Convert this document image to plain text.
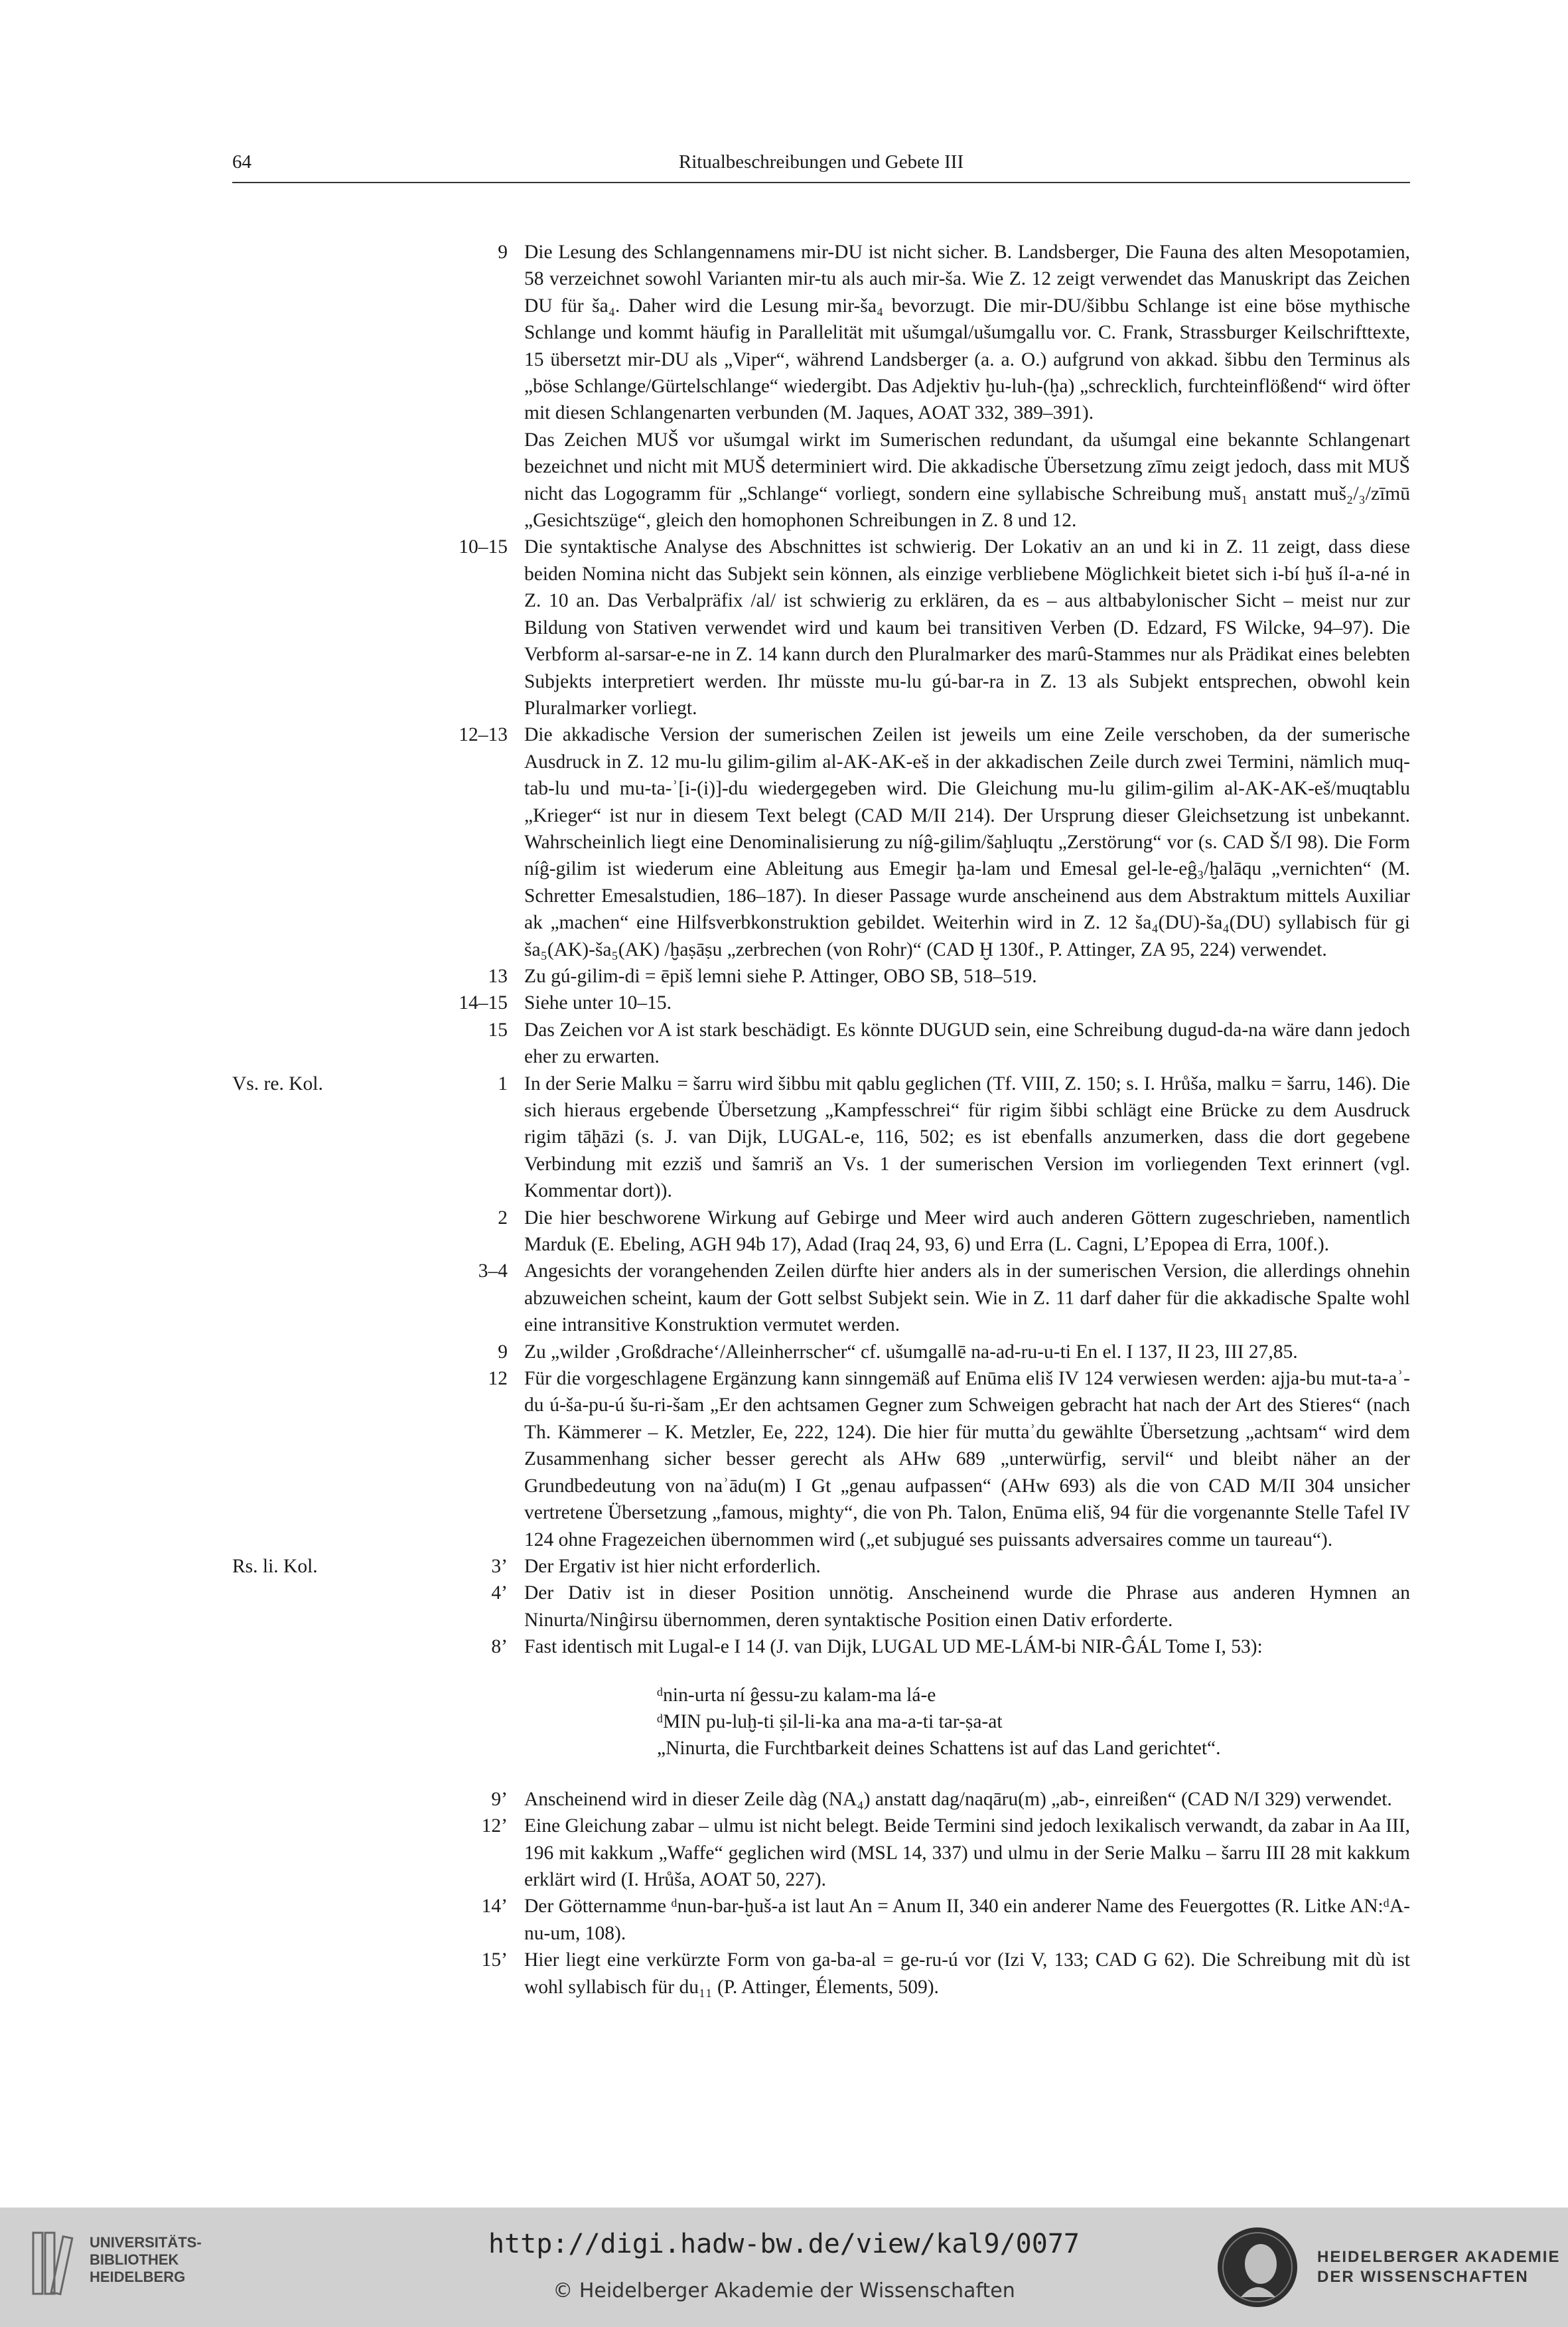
64	Ritualbeschreibungen und Gebete III
9 Die Lesung des Schlangennamens mir-DU ist nicht sicher. B. Landsberger, Die Fauna des alten Mesopotamien, 58 verzeichnet sowohl Varianten mir-tu als auch mir-ša. Wie Z. 12 zeigt verwendet das Manuskript das Zeichen DU für ša₄. Daher wird die Lesung mir-ša₄ bevorzugt. Die mir-DU/šibbu Schlange ist eine böse mythische Schlange und kommt häufig in Parallelität mit ušumgal/ušumgallu vor. C. Frank, Strassburger Keilschrifttexte, 15 übersetzt mir-DU als „Viper“, während Landsberger (a. a. O.) aufgrund von akkad. šibbu den Terminus als „böse Schlange/Gürtelschlange“ wiedergibt. Das Adjektiv ḫu-luh-(ḫa) „schrecklich, furchteinflößend“ wird öfter mit diesen Schlangenarten verbunden (M. Jaques, AOAT 332, 389–391).
Das Zeichen MUŠ vor ušumgal wirkt im Sumerischen redundant, da ušumgal eine bekannte Schlangenart bezeichnet und nicht mit MUŠ determiniert wird. Die akkadische Übersetzung zīmu zeigt jedoch, dass mit MUŠ nicht das Logogramm für „Schlange“ vorliegt, sondern eine syllabische Schreibung muš₁ anstatt muš₂/₃/zīmū „Gesichtszüge“, gleich den homophonen Schreibungen in Z. 8 und 12.
10–15 Die syntaktische Analyse des Abschnittes ist schwierig. Der Lokativ an an und ki in Z. 11 zeigt, dass diese beiden Nomina nicht das Subjekt sein können, als einzige verbliebene Möglichkeit bietet sich i-bí ḫuš íl-a-né in Z. 10 an. Das Verbalpräfix /al/ ist schwierig zu erklären, da es – aus altbabylonischer Sicht – meist nur zur Bildung von Stativen verwendet wird und kaum bei transitiven Verben (D. Edzard, FS Wilcke, 94–97). Die Verbform al-sarsar-e-ne in Z. 14 kann durch den Pluralmarker des marû-Stammes nur als Prädikat eines belebten Subjekts interpretiert werden. Ihr müsste mu-lu gú-bar-ra in Z. 13 als Subjekt entsprechen, obwohl kein Pluralmarker vorliegt.
12–13 Die akkadische Version der sumerischen Zeilen ist jeweils um eine Zeile verschoben, da der sumerische Ausdruck in Z. 12 mu-lu gilim-gilim al-AK-AK-eš in der akkadischen Zeile durch zwei Termini, nämlich muq-tab-lu und mu-ta-ʾ[i-(i)]-du wiedergegeben wird. Die Gleichung mu-lu gilim-gilim al-AK-AK-eš/muqtablu „Krieger“ ist nur in diesem Text belegt (CAD M/II 214). Der Ursprung dieser Gleichsetzung ist unbekannt. Wahrscheinlich liegt eine Denominalisierung zu níĝ-gilim/šaḫluqtu „Zerstörung“ vor (s. CAD Š/I 98). Die Form níĝ-gilim ist wiederum eine Ableitung aus Emegir ḫa-lam und Emesal gel-le-eĝ₃/ḫalāqu „vernichten“ (M. Schretter Emesalstudien, 186–187). In dieser Passage wurde anscheinend aus dem Abstraktum mittels Auxiliar ak „machen“ eine Hilfsverbkonstruktion gebildet. Weiterhin wird in Z. 12 ša₄(DU)-ša₄(DU) syllabisch für gi ša₅(AK)-ša₅(AK) /ḫaṣāṣu „zerbrechen (von Rohr)“ (CAD Ḫ 130f., P. Attinger, ZA 95, 224) verwendet.
13 Zu gú-gilim-di = ēpiš lemni siehe P. Attinger, OBO SB, 518–519.
14–15 Siehe unter 10–15.
15 Das Zeichen vor A ist stark beschädigt. Es könnte DUGUD sein, eine Schreibung dugud-da-na wäre dann jedoch eher zu erwarten.
Vs. re. Kol.	1 In der Serie Malku = šarru wird šibbu mit qablu geglichen (Tf. VIII, Z. 150; s. I. Hrůša, malku = šarru, 146). Die sich hieraus ergebende Übersetzung „Kampfesschrei“ für rigim šibbi schlägt eine Brücke zu dem Ausdruck rigim tāḫāzi (s. J. van Dijk, LUGAL-e, 116, 502; es ist ebenfalls anzumerken, dass die dort gegebene Verbindung mit ezziš und šamriš an Vs. 1 der sumerischen Version im vorliegenden Text erinnert (vgl. Kommentar dort)).
2 Die hier beschworene Wirkung auf Gebirge und Meer wird auch anderen Göttern zugeschrieben, namentlich Marduk (E. Ebeling, AGH 94b 17), Adad (Iraq 24, 93, 6) und Erra (L. Cagni, L’Epopea di Erra, 100f.).
3–4 Angesichts der vorangehenden Zeilen dürfte hier anders als in der sumerischen Version, die allerdings ohnehin abzuweichen scheint, kaum der Gott selbst Subjekt sein. Wie in Z. 11 darf daher für die akkadische Spalte wohl eine intransitive Konstruktion vermutet werden.
9 Zu „wilder ‚Großdrache‘/Alleinherrscher“ cf. ušumgallē na-ad-ru-u-ti En el. I 137, II 23, III 27,85.
12 Für die vorgeschlagene Ergänzung kann sinngemäß auf Enūma eliš IV 124 verwiesen werden: ajja-bu mut-ta-aʾ-du ú-ša-pu-ú šu-ri-šam „Er den achtsamen Gegner zum Schweigen gebracht hat nach der Art des Stieres“ (nach Th. Kämmerer – K. Metzler, Ee, 222, 124). Die hier für muttaʾdu gewählte Übersetzung „achtsam“ wird dem Zusammenhang sicher besser gerecht als AHw 689 „unterwürfig, servil“ und bleibt näher an der Grundbedeutung von naʾādu(m) I Gt „genau aufpassen“ (AHw 693) als die von CAD M/II 304 unsicher vertretene Übersetzung „famous, mighty“, die von Ph. Talon, Enūma eliš, 94 für die vorgenannte Stelle Tafel IV 124 ohne Fragezeichen übernommen wird („et subjugué ses puissants adversaires comme un taureau“).
Rs. li. Kol.	3’ Der Ergativ ist hier nicht erforderlich.
4’ Der Dativ ist in dieser Position unnötig. Anscheinend wurde die Phrase aus anderen Hymnen an Ninurta/Ninĝirsu übernommen, deren syntaktische Position einen Dativ erforderte.
8’ Fast identisch mit Lugal-e I 14 (J. van Dijk, LUGAL UD ME-LÁM-bi NIR-ĜÁL Tome I, 53):
ᵈnin-urta ní ĝessu-zu kalam-ma lá-e
ᵈMIN pu-luḫ-ti ṣil-li-ka ana ma-a-ti tar-ṣa-at
„Ninurta, die Furchtbarkeit deines Schattens ist auf das Land gerichtet“.
9’ Anscheinend wird in dieser Zeile dàg (NA₄) anstatt dag/naqāru(m) „ab-, einreißen“ (CAD N/I 329) verwendet.
12’ Eine Gleichung zabar – ulmu ist nicht belegt. Beide Termini sind jedoch lexikalisch verwandt, da zabar in Aa III, 196 mit kakkum „Waffe“ geglichen wird (MSL 14, 337) und ulmu in der Serie Malku – šarru III 28 mit kakkum erklärt wird (I. Hrůša, AOAT 50, 227).
14’ Der Götternamme ᵈnun-bar-ḫuš-a ist laut An = Anum II, 340 ein anderer Name des Feuergottes (R. Litke AN:ᵈA- nu-um, 108).
15’ Hier liegt eine verkürzte Form von ga-ba-al = ge-ru-ú vor (Izi V, 133; CAD G 62). Die Schreibung mit dù ist wohl syllabisch für du₁₁ (P. Attinger, Élements, 509).
UNIVERSITÄTS-
BIBLIOTHEK
HEIDELBERG
http://digi.hadw-bw.de/view/kal9/0077
© Heidelberger Akademie der Wissenschaften
HEIDELBERGER AKADEMIE
DER WISSENSCHAFTEN
